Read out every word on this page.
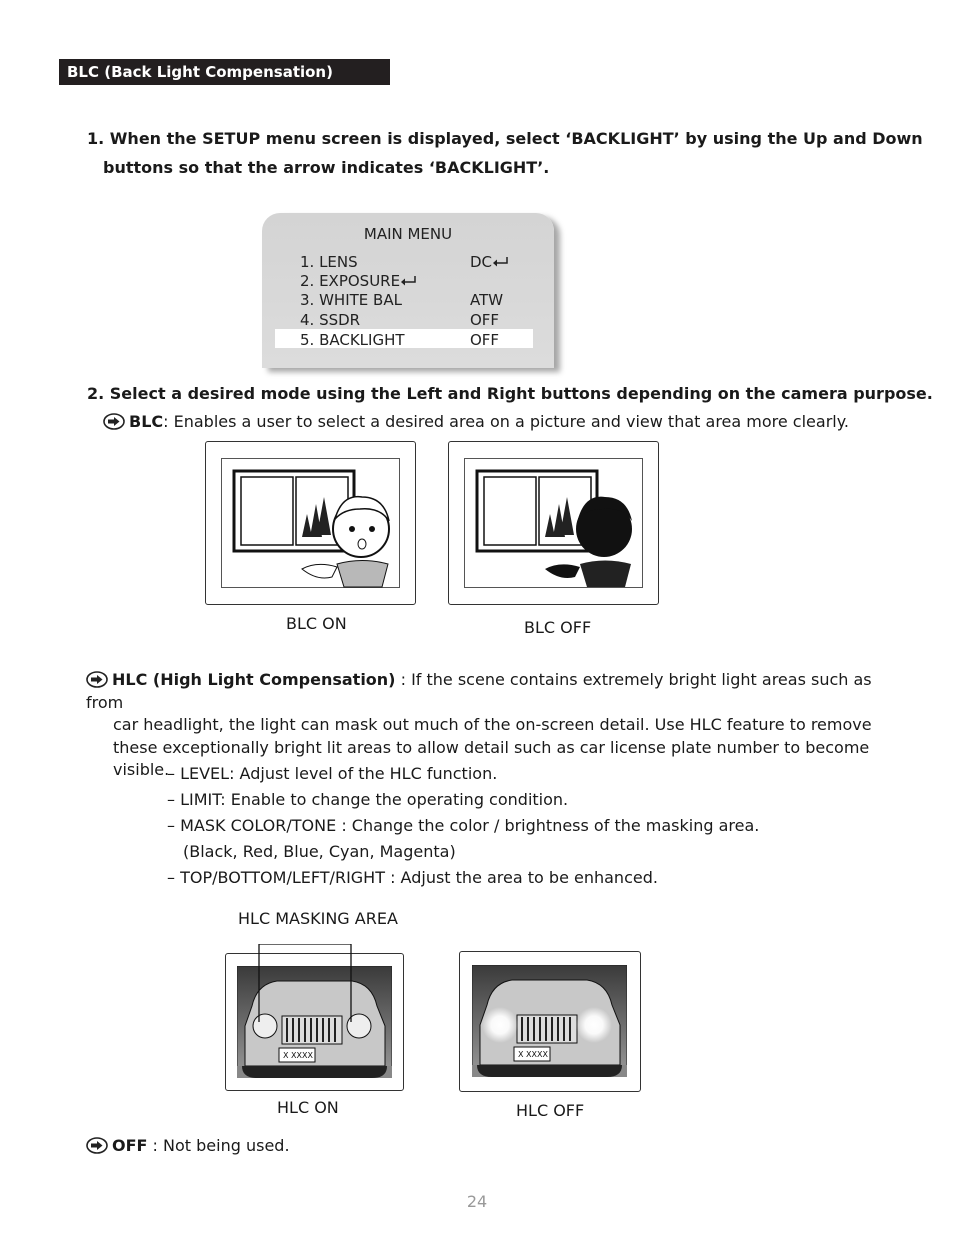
BLC (Back Light Compensation)
1. When the SETUP menu screen is displayed, select ‘BACKLIGHT’ by using the Up and Down
buttons so that the arrow indicates ‘BACKLIGHT’.
MAIN MENU
1. LENS	DC
2. EXPOSURE
3. WHITE BAL	ATW
4. SSDR	OFF
5. BACKLIGHT	OFF
2. Select a desired mode using the Left and Right buttons depending on the camera purpose.
BLC: Enables a user to select a desired area on a picture and view that area more clearly.
BLC ON	BLC OFF
HLC (High Light Compensation) : If the scene contains extremely bright light areas such as from
car headlight, the light can mask out much of the on-screen detail. Use HLC feature to remove
these exceptionally bright lit areas to allow detail such as car license plate number to become
visible.
– LEVEL: Adjust level of the HLC function.
– LIMIT: Enable to change the operating condition.
– MASK COLOR/TONE : Change the color / brightness of the masking area.
(Black, Red, Blue, Cyan, Magenta)
– TOP/BOTTOM/LEFT/RIGHT : Adjust the area to be enhanced.
HLC MASKING AREA
X XXXX
HLC ON
X XXXX
HLC OFF
OFF : Not being used.
24
